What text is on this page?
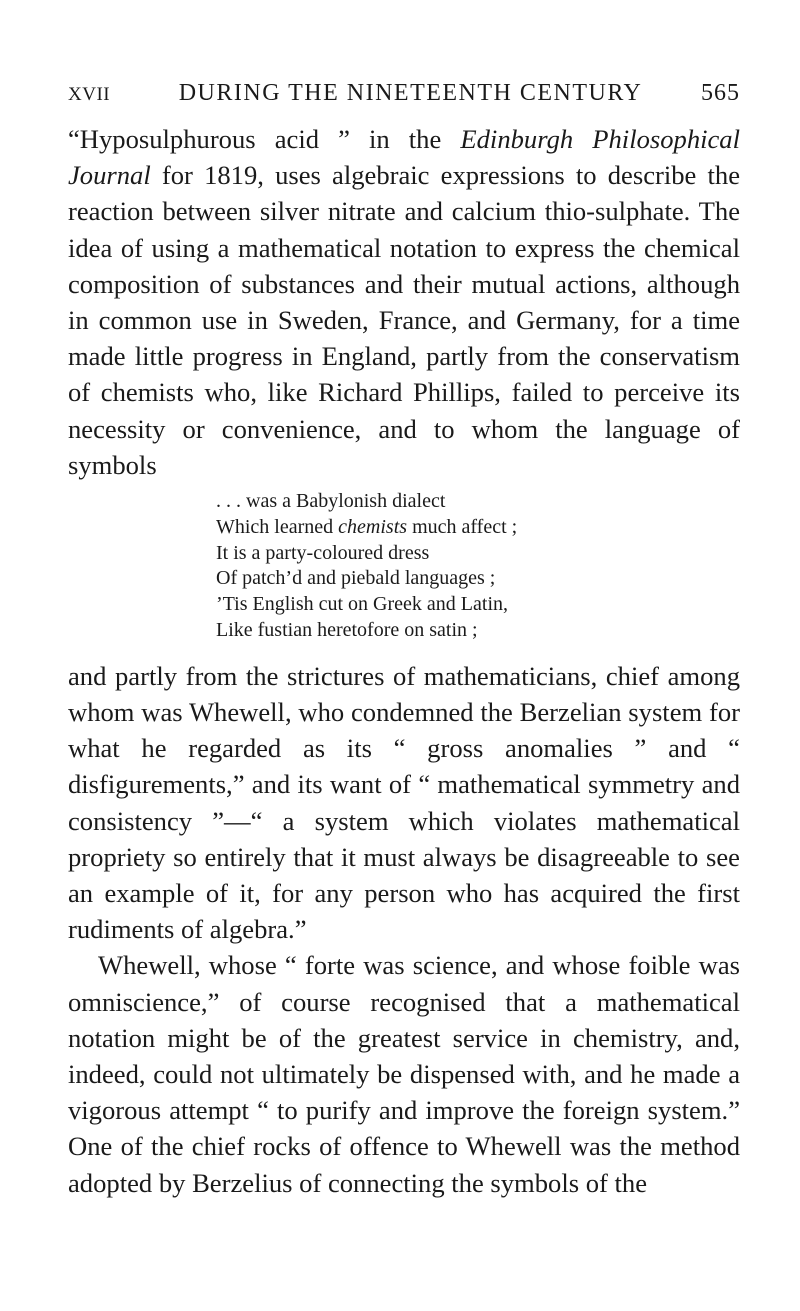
XVII	DURING THE NINETEENTH CENTURY	565

“Hyposulphurous acid ” in the Edinburgh Philosophical Journal for 1819, uses algebraic expressions to describe the reaction between silver nitrate and calcium thio-sulphate. The idea of using a mathematical notation to express the chemical composition of substances and their mutual actions, although in common use in Sweden, France, and Germany, for a time made little progress in England, partly from the conservatism of chemists who, like Richard Phillips, failed to perceive its necessity or convenience, and to whom the language of symbols

. . . was a Babylonish dialect
Which learned chemists much affect ;
It is a party-coloured dress
Of patch’d and piebald languages ;
’Tis English cut on Greek and Latin,
Like fustian heretofore on satin ;

and partly from the strictures of mathematicians, chief among whom was Whewell, who condemned the Berzelian system for what he regarded as its “ gross anomalies ” and “ disfigurements,” and its want of “ mathematical symmetry and consistency ”—“ a system which violates mathematical propriety so entirely that it must always be disagreeable to see an example of it, for any person who has acquired the first rudiments of algebra.”

Whewell, whose “ forte was science, and whose foible was omniscience,” of course recognised that a mathematical notation might be of the greatest service in chemistry, and, indeed, could not ultimately be dispensed with, and he made a vigorous attempt “ to purify and improve the foreign system.” One of the chief rocks of offence to Whewell was the method adopted by Berzelius of connecting the symbols of the
